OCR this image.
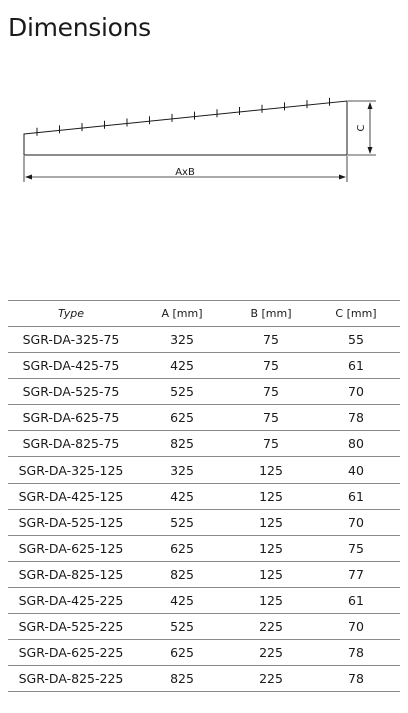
Dimensions
AxB
C
Type	A [mm]	B [mm]	C [mm]
SGR-DA-325-75	325	75	55
SGR-DA-425-75	425	75	61
SGR-DA-525-75	525	75	70
SGR-DA-625-75	625	75	78
SGR-DA-825-75	825	75	80
SGR-DA-325-125	325	125	40
SGR-DA-425-125	425	125	61
SGR-DA-525-125	525	125	70
SGR-DA-625-125	625	125	75
SGR-DA-825-125	825	125	77
SGR-DA-425-225	425	125	61
SGR-DA-525-225	525	225	70
SGR-DA-625-225	625	225	78
SGR-DA-825-225	825	225	78
